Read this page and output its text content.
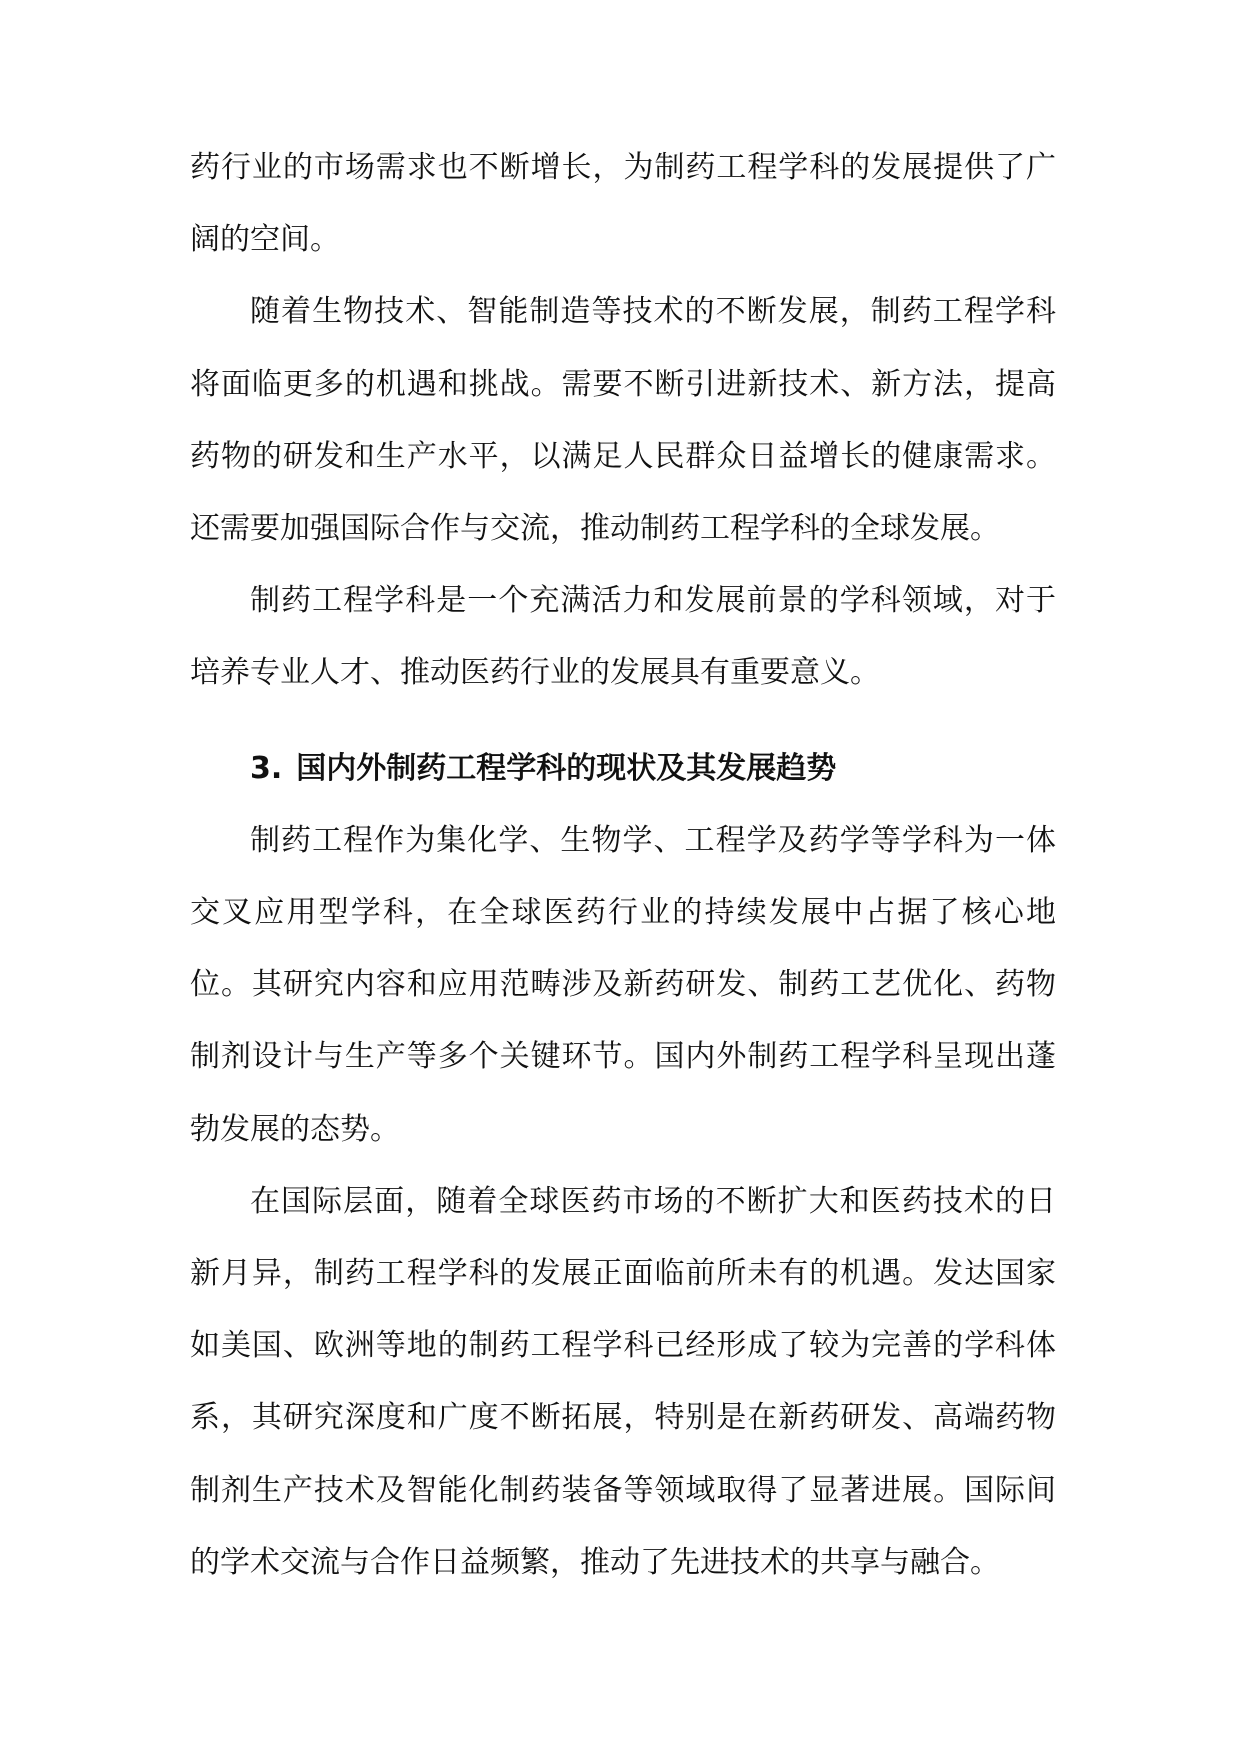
药行业的市场需求也不断增长，为制药工程学科的发展提供了广阔的空间。

随着生物技术、智能制造等技术的不断发展，制药工程学科将面临更多的机遇和挑战。需要不断引进新技术、新方法，提高药物的研发和生产水平，以满足人民群众日益增长的健康需求。还需要加强国际合作与交流，推动制药工程学科的全球发展。

制药工程学科是一个充满活力和发展前景的学科领域，对于培养专业人才、推动医药行业的发展具有重要意义。

3. 国内外制药工程学科的现状及其发展趋势

制药工程作为集化学、生物学、工程学及药学等学科为一体交叉应用型学科，在全球医药行业的持续发展中占据了核心地位。其研究内容和应用范畴涉及新药研发、制药工艺优化、药物制剂设计与生产等多个关键环节。国内外制药工程学科呈现出蓬勃发展的态势。

在国际层面，随着全球医药市场的不断扩大和医药技术的日新月异，制药工程学科的发展正面临前所未有的机遇。发达国家如美国、欧洲等地的制药工程学科已经形成了较为完善的学科体系，其研究深度和广度不断拓展，特别是在新药研发、高端药物制剂生产技术及智能化制药装备等领域取得了显著进展。国际间的学术交流与合作日益频繁，推动了先进技术的共享与融合。
